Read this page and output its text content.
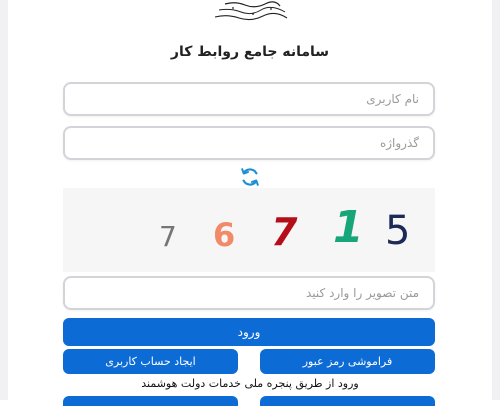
سامانه جامع روابط کار
نام کاربری
7 6 7 1 5
متن تصویر را وارد کنید
ورود
فراموشی رمز عبور
ایجاد حساب کاربری
ورود از طریق پنجره ملی خدمات دولت هوشمند
